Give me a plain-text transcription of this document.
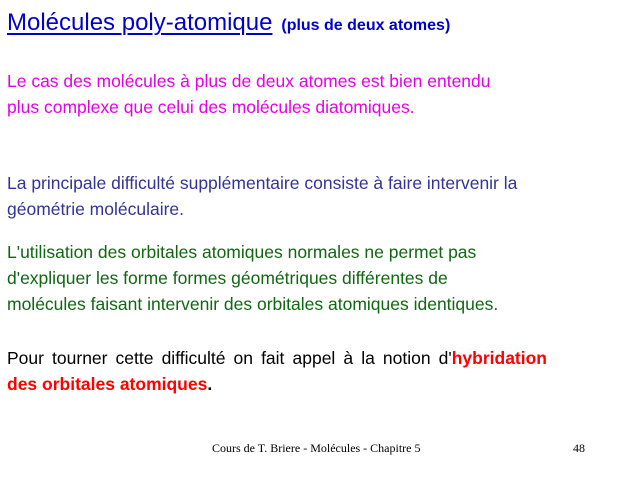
Molécules poly-atomique (plus de deux atomes)

Le cas des molécules à plus de deux atomes est bien entendu
plus complexe que celui des molécules diatomiques.

La principale difficulté supplémentaire consiste à faire intervenir la
géométrie moléculaire.

L'utilisation des orbitales atomiques normales ne permet pas
d'expliquer les forme formes géométriques différentes de
molécules faisant intervenir des orbitales atomiques identiques.

Pour tourner cette difficulté on fait appel à la notion d'hybridation des orbitales atomiques.

Cours de T. Briere - Molécules - Chapitre 5	48
